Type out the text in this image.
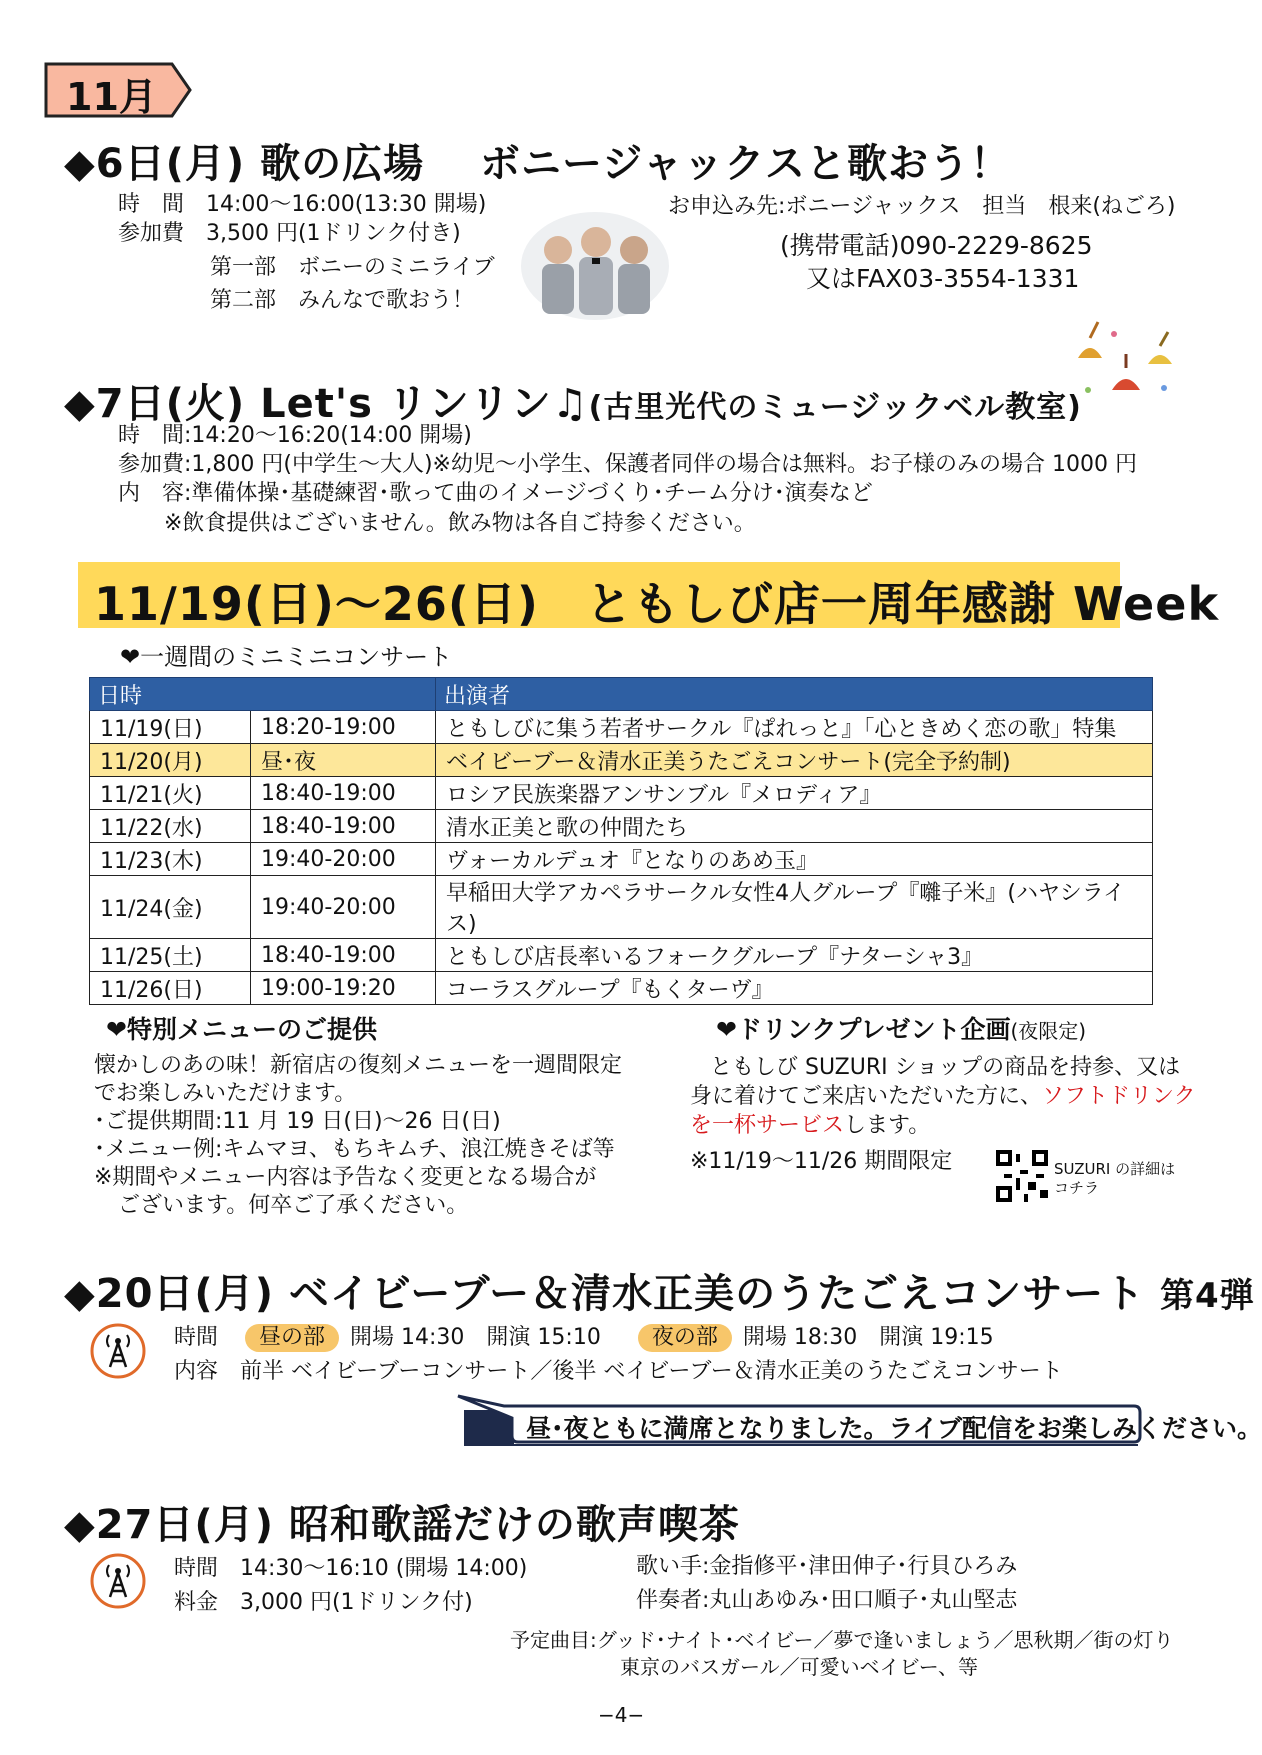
11月
◆6日(月) 歌の広場　 ボニージャックスと歌おう！
時　間　14:00〜16:00(13:30 開場)
参加費　3,500 円(1ドリンク付き)
第一部　ボニーのミニライブ
第二部　みんなで歌おう！
お申込み先:ボニージャックス　担当　根来(ねごろ)
(携帯電話)090-2229-8625
又はFAX03-3554-1331
◆7日(火) Let's リンリン♫(古里光代のミュージックベル教室)
時　間:14:20〜16:20(14:00 開場)
参加費:1,800 円(中学生〜大人)※幼児〜小学生、保護者同伴の場合は無料。お子様のみの場合 1000 円
内　容:準備体操･基礎練習･歌って曲のイメージづくり･チーム分け･演奏など
※飲食提供はございません。飲み物は各自ご持参ください。
11/19(日)〜26(日)　ともしび店一周年感謝 Week
❤一週間のミニミニコンサート
日時		出演者
11/19(日)	18:20-19:00	ともしびに集う若者サークル『ぱれっと』「心ときめく恋の歌」特集
11/20(月)	昼･夜	ベイビーブー＆清水正美うたごえコンサート(完全予約制)
11/21(火)	18:40-19:00	ロシア民族楽器アンサンブル『メロディア』
11/22(水)	18:40-19:00	清水正美と歌の仲間たち
11/23(木)	19:40-20:00	ヴォーカルデュオ『となりのあめ玉』
11/24(金)	19:40-20:00	早稲田大学アカペラサークル女性4人グループ『囃子米』(ハヤシライス)
11/25(土)	18:40-19:00	ともしび店長率いるフォークグループ『ナターシャ3』
11/26(日)	19:00-19:20	コーラスグループ『もくターヴ』
❤特別メニューのご提供
懐かしのあの味！新宿店の復刻メニューを一週間限定
でお楽しみいただけます。
･ご提供期間:11 月 19 日(日)〜26 日(日)
･メニュー例:キムマヨ、もちキムチ、浪江焼きそば等
※期間やメニュー内容は予告なく変更となる場合が
ございます。何卒ご了承ください。
❤ドリンクプレゼント企画(夜限定)
ともしび SUZURI ショップの商品を持参、又は
身に着けてご来店いただいた方に、ソフトドリンク
を一杯サービスします。
※11/19〜11/26 期間限定	SUZURI の詳細は
コチラ
◆20日(月) ベイビーブー＆清水正美のうたごえコンサート 第4弾
時間 昼の部 開場 14:30　開演 15:10 夜の部 開場 18:30　開演 19:15
内容　前半 ベイビーブーコンサート／後半 ベイビーブー＆清水正美のうたごえコンサート
昼･夜ともに満席となりました。ライブ配信をお楽しみください。
◆27日(月) 昭和歌謡だけの歌声喫茶
時間　14:30〜16:10 (開場 14:00)
料金　3,000 円(1ドリンク付)
歌い手:金指修平･津田伸子･行貝ひろみ
伴奏者:丸山あゆみ･田口順子･丸山堅志
予定曲目:グッド･ナイト･ベイビー／夢で逢いましょう／思秋期／街の灯り
東京のバスガール／可愛いベイビー、等
−4−
